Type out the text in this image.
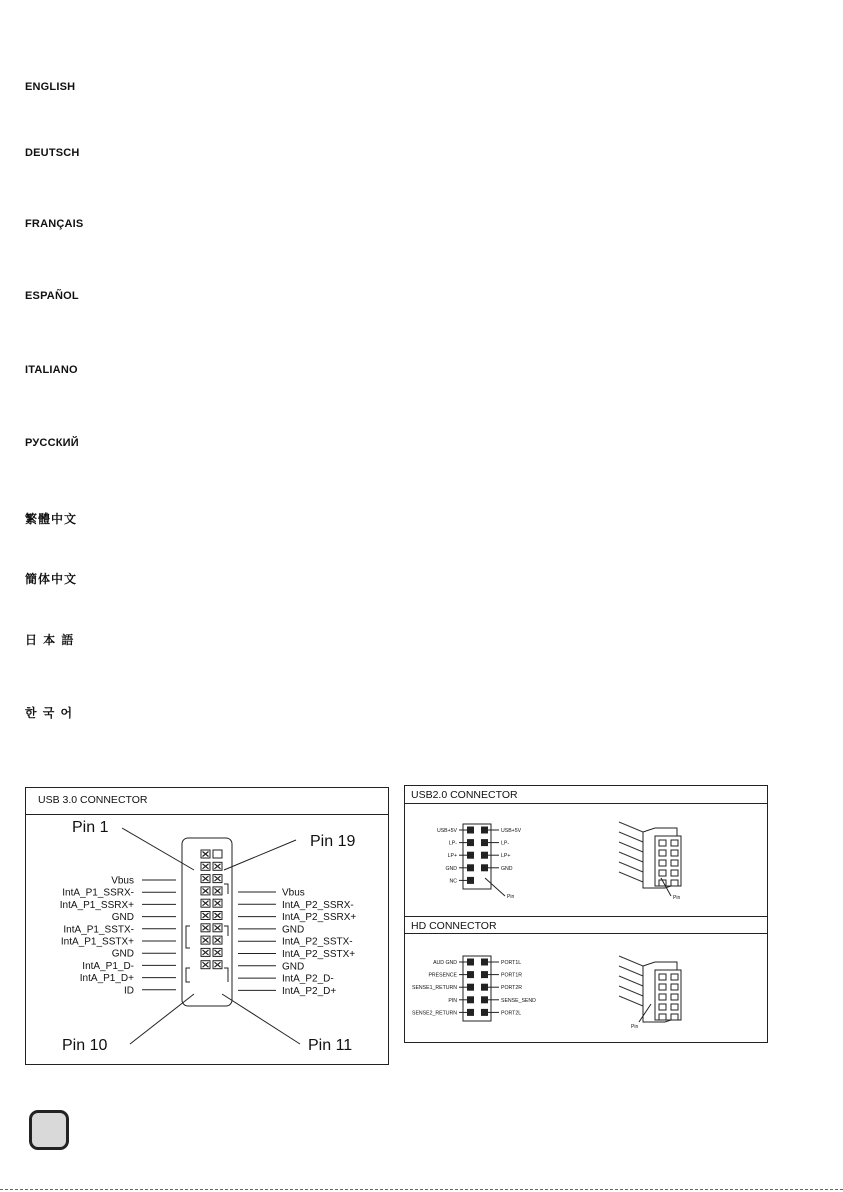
ENGLISH
DEUTSCH
FRANÇAIS
ESPAÑOL
ITALIANO
РУССКИЙ
繁體中文
簡体中文
日 本 語
한 국 어
USB 3.0 CONNECTOR
Vbus
IntA_P1_SSRX-
IntA_P1_SSRX+
GND
IntA_P1_SSTX-
IntA_P1_SSTX+
GND
IntA_P1_D-
IntA_P1_D+
ID
Vbus
IntA_P2_SSRX-
IntA_P2_SSRX+
GND
IntA_P2_SSTX-
IntA_P2_SSTX+
GND
IntA_P2_D-
IntA_P2_D+
Pin 1
Pin 19
Pin 10	Pin 11
USB2.0 CONNECTOR
HD CONNECTOR
USB+5V
LP-
LP+
GND
NC
USB+5V
LP-
LP+
GND
Pin
AUD GND
PRESENCE
SENSE1_RETURN
PIN
SENSE2_RETURN
PORT1L
PORT1R
PORT2R
SENSE_SEND
PORT2L
Pin
Pin
